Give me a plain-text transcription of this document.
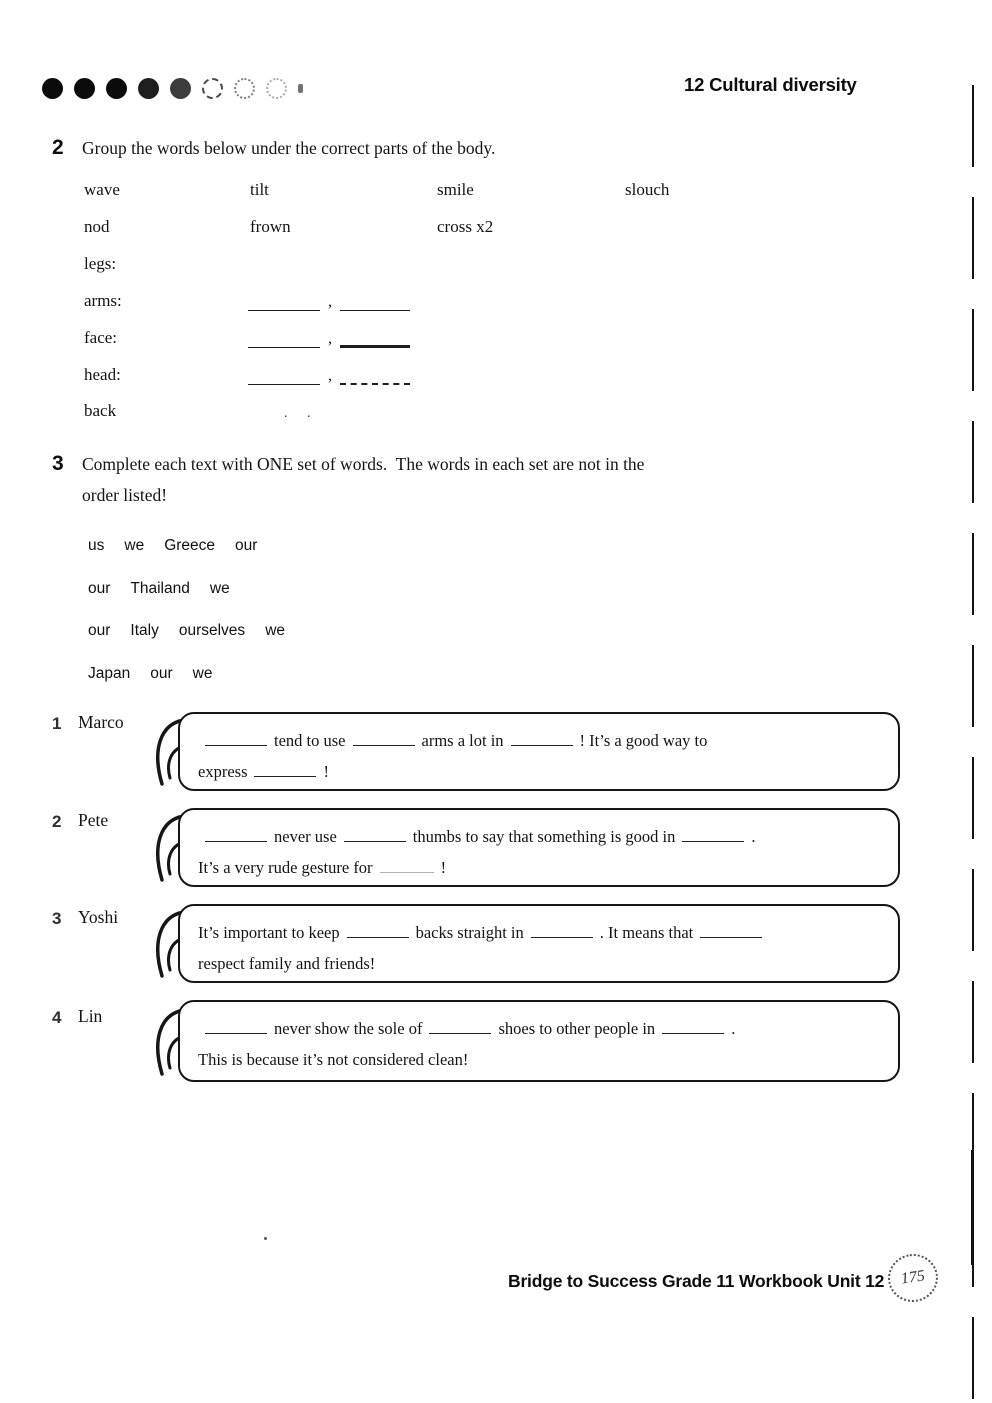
12 Cultural diversity
2 Group the words below under the correct parts of the body.
wave	tilt	smile	slouch
nod	frown	cross x2
legs:
arms:	,
face:	,
head:	,
back	. .
3 Complete each text with ONE set of words.  The words in each set are not in the
order listed!
us we Greece our
our Thailand we
our Italy ourselves we
Japan our we
1 Marco
tend to use	arms a lot in	! It’s a good way to
express	!
2 Pete
never use	thumbs to say that something is good in	.
It’s a very rude gesture for	!
3 Yoshi
It’s important to keep	backs straight in	. It means that
respect family and friends!
4 Lin
never show the sole of	shoes to other people in	.
This is because it’s not considered clean!
Bridge to Success Grade 11 Workbook Unit 12 175
